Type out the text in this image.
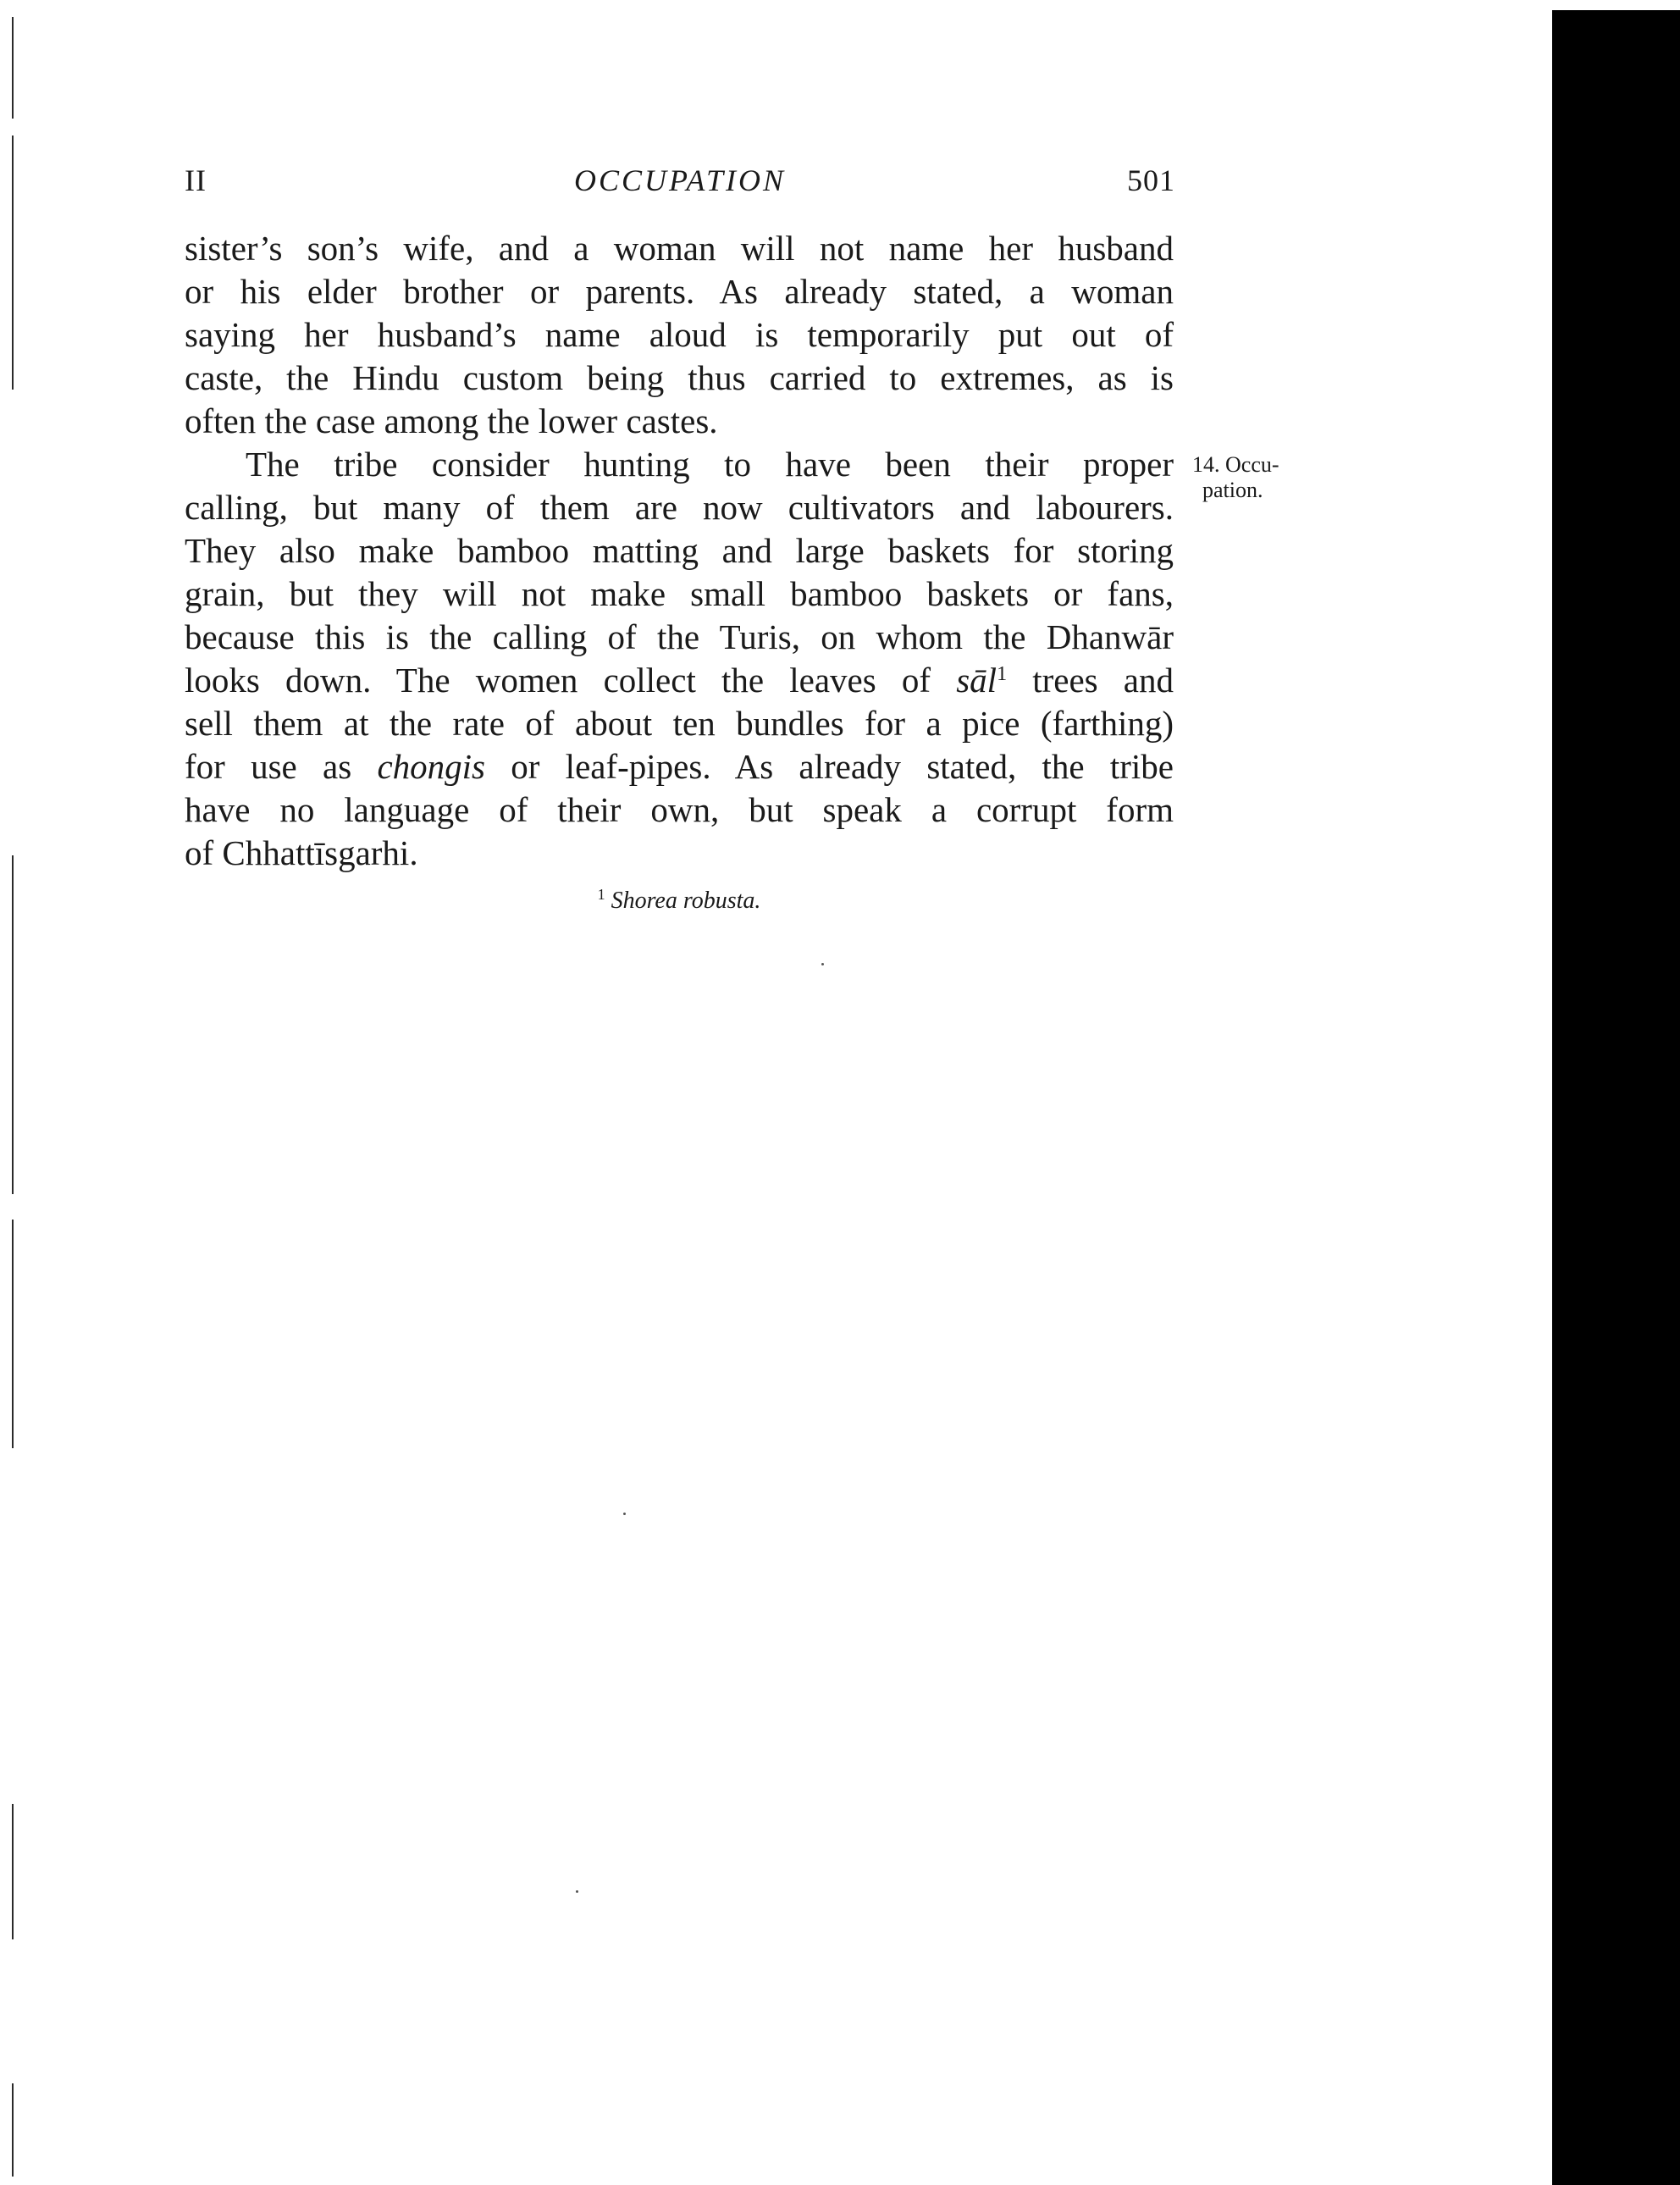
II	OCCUPATION	501
sister’s son’s wife, and a woman will not name her husband
or his elder brother or parents. As already stated, a woman
saying her husband’s name aloud is temporarily put out of
caste, the Hindu custom being thus carried to extremes, as is
often the case among the lower castes.
The tribe consider hunting to have been their proper
calling, but many of them are now cultivators and labourers.
They also make bamboo matting and large baskets for storing
grain, but they will not make small bamboo baskets or fans,
because this is the calling of the Turis, on whom the Dhanwār
looks down. The women collect the leaves of sāl$^1$ trees and
sell them at the rate of about ten bundles for a pice (farthing)
for use as chongis or leaf-pipes. As already stated, the tribe
have no language of their own, but speak a corrupt form
of Chhattīsgarhi.
14. Occu-
pation.
$^1$ Shorea robusta.
